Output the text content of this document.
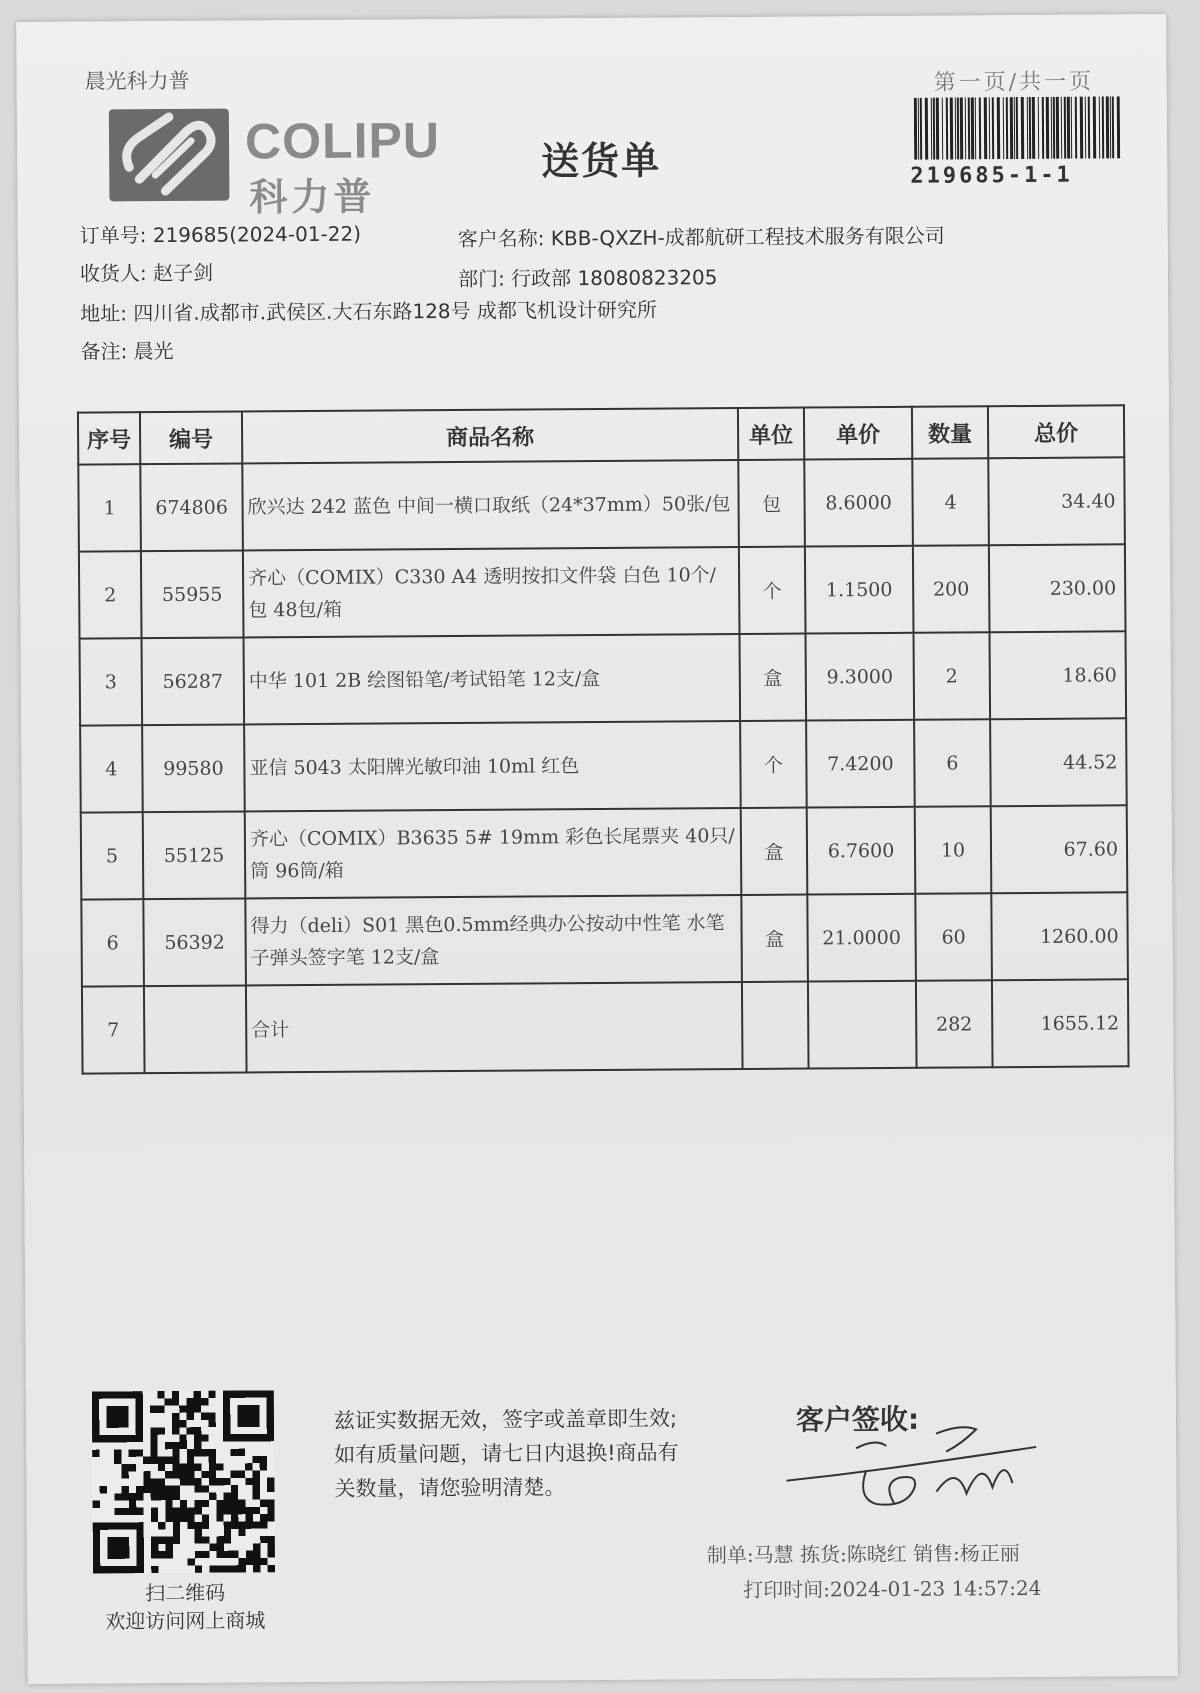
晨光科力普
COLIPU
科力普
送货单
第一页/共一页
219685-1-1
订单号: 219685(2024-01-22)
收货人: 赵子剑
地址: 四川省.成都市.武侯区.大石东路128号 成都飞机设计研究所
备注: 晨光
客户名称: KBB-QXZH-成都航研工程技术服务有限公司
部门: 行政部 18080823205
序号	编号	商品名称	单位	单价	数量	总价
1	674806	欣兴达 242 蓝色 中间一横口取纸（24*37mm）50张/包	包	8.6000	4	34.40
2	55955	齐心（COMIX）C330 A4 透明按扣文件袋 白色 10个/包 48包/箱	个	1.1500	200	230.00
3	56287	中华 101 2B 绘图铅笔/考试铅笔 12支/盒	盒	9.3000	2	18.60
4	99580	亚信 5043 太阳牌光敏印油 10ml 红色	个	7.4200	6	44.52
5	55125	齐心（COMIX）B3635 5# 19mm 彩色长尾票夹 40只/筒 96筒/箱	盒	6.7600	10	67.60
6	56392	得力（deli）S01 黑色0.5mm经典办公按动中性笔 水笔 子弹头签字笔 12支/盒	盒	21.0000	60	1260.00
7		合计			282	1655.12
扫二维码
欢迎访问网上商城
兹证实数据无效，签字或盖章即生效;
如有质量问题，请七日内退换!商品有
关数量，请您验明清楚。
客户签收:
制单:马慧 拣货:陈晓红 销售:杨正丽
打印时间:2024-01-23 14:57:24
